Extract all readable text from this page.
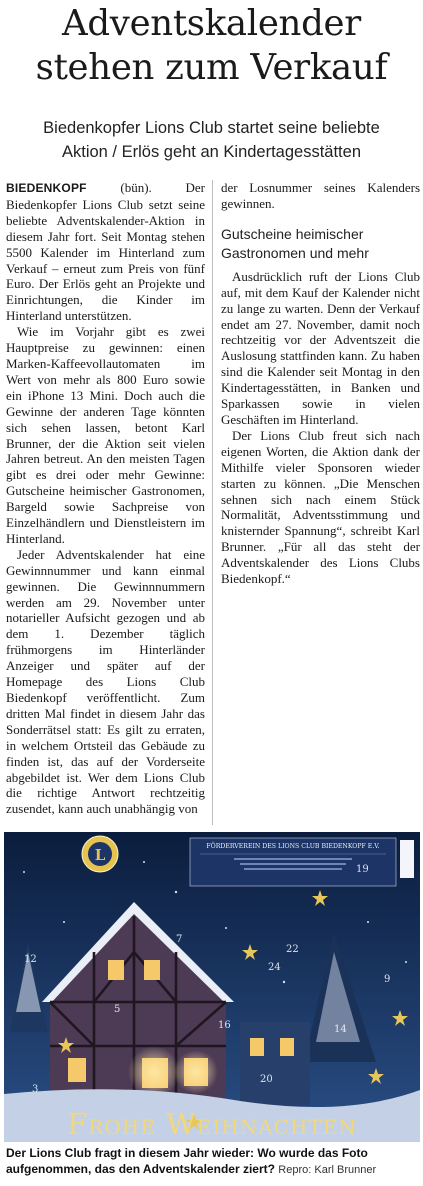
Adventskalender
stehen zum Verkauf
Biedenkopfer Lions Club startet seine beliebte
Aktion / Erlös geht an Kindertagesstätten

BIEDENKOPF (bün). Der Biedenkopfer Lions Club setzt seine beliebte Adventskalender-Aktion in diesem Jahr fort. Seit Montag stehen 5500 Kalender im Hinterland zum Verkauf – erneut zum Preis von fünf Euro. Der Erlös geht an Projekte und Einrichtungen, die Kinder im Hinterland unterstützen.

Wie im Vorjahr gibt es zwei Hauptpreise zu gewinnen: einen Marken-Kaffeevollautomaten im Wert von mehr als 800 Euro sowie ein iPhone 13 Mini. Doch auch die Gewinne der anderen Tage könnten sich sehen lassen, betont Karl Brunner, der die Aktion seit vielen Jahren betreut. An den meisten Tagen gibt es drei oder mehr Gewinne: Gutscheine heimischer Gastronomen, Bargeld sowie Sachpreise von Einzelhändlern und Dienstleistern im Hinterland.

Jeder Adventskalender hat eine Gewinnnummer und kann einmal gewinnen. Die Gewinnnummern werden am 29. November unter notarieller Aufsicht gezogen und ab dem 1. Dezember täglich frühmorgens im Hinterländer Anzeiger und später auf der Homepage des Lions Club Biedenkopf veröffentlicht. Zum dritten Mal findet in diesem Jahr das Sonderrätsel statt: Es gilt zu erraten, in welchem Ortsteil das Gebäude zu finden ist, das auf der Vorderseite abgebildet ist. Wer dem Lions Club die richtige Antwort rechtzeitig zusendet, kann auch unabhängig von

der Losnummer seines Kalenders gewinnen.

Gutscheine heimischer Gastronomen und mehr

Ausdrücklich ruft der Lions Club auf, mit dem Kauf der Kalender nicht zu lange zu warten. Denn der Verkauf endet am 27. November, damit noch rechtzeitig vor der Adventszeit die Auslosung stattfinden kann. Zu haben sind die Kalender seit Montag in den Kindertagesstätten, in Banken und Sparkassen sowie in vielen Geschäften im Hinterland.

Der Lions Club freut sich nach eigenen Worten, die Aktion dank der Mithilfe vieler Sponsoren wieder starten zu können. „Die Menschen sehnen sich nach einem Stück Normalität, Adventsstimmung und knisternder Spannung“, schreibt Karl Brunner. „Für all das steht der Adventskalender des Lions Clubs Biedenkopf.“

FÖRDERVEREIN DES LIONS CLUB BIEDENKOPF E.V.
L
1
12
19
7
24
3
16
22
9
14
5
20
Frohe Weihnachten
Der Lions Club fragt in diesem Jahr wieder: Wo wurde das Foto aufgenommen, das den Adventskalender ziert? Repro: Karl Brunner
